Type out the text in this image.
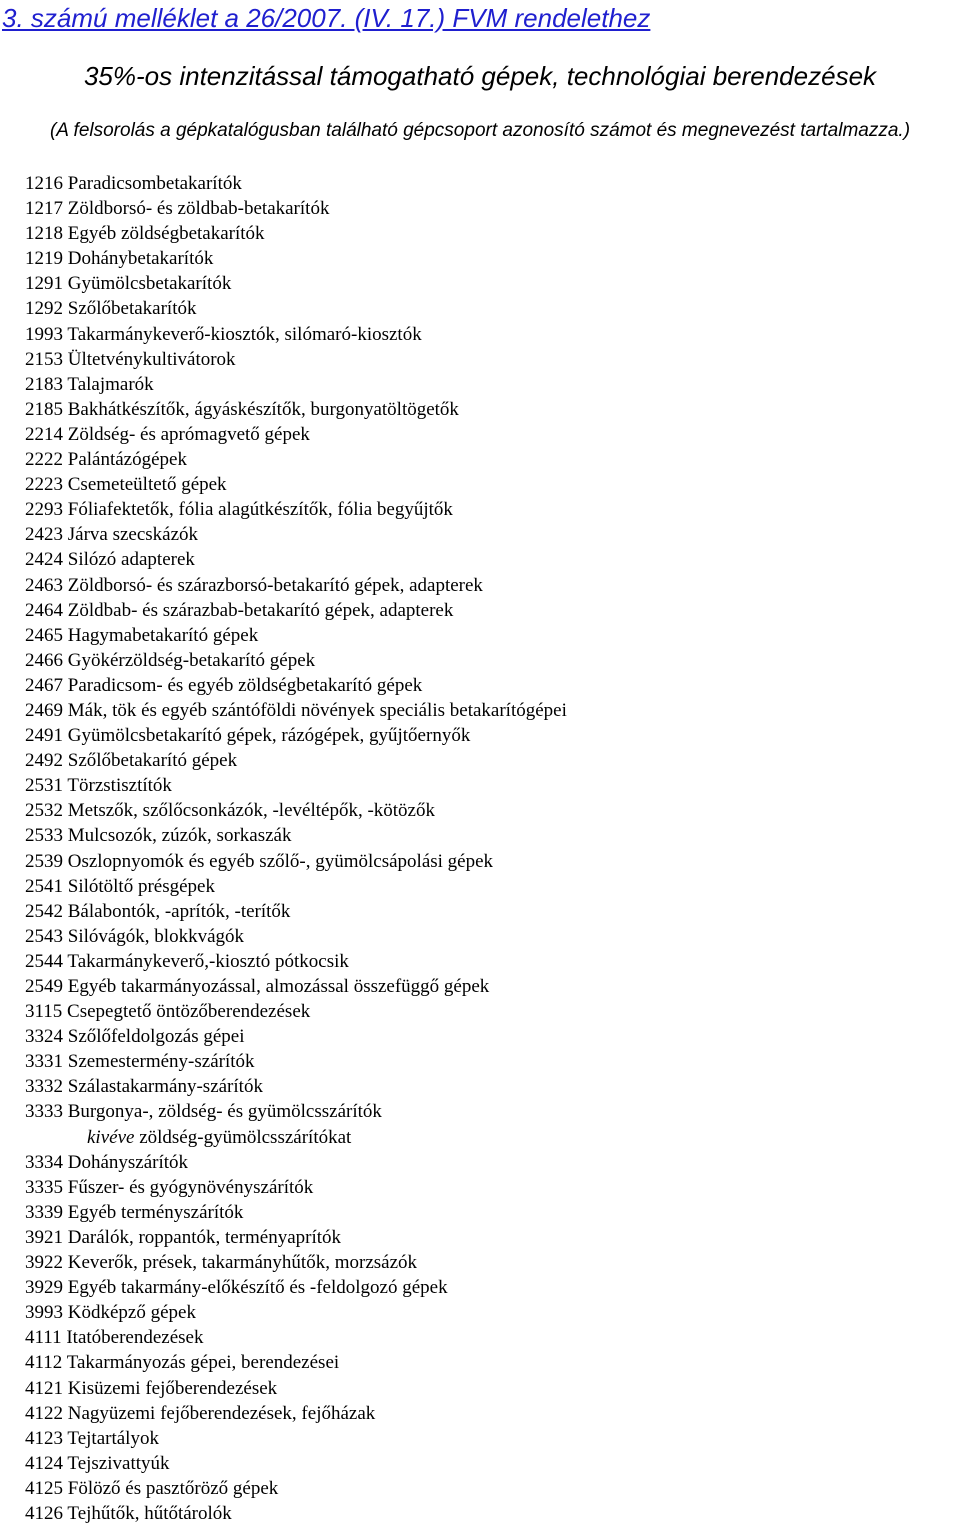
3. számú melléklet a 26/2007. (IV. 17.) FVM rendelethez
35%-os intenzitással támogatható gépek, technológiai berendezések
(A felsorolás a gépkatalógusban található gépcsoport azonosító számot és megnevezést tartalmazza.)
1216 Paradicsombetakarítók
1217 Zöldborsó- és zöldbab-betakarítók
1218 Egyéb zöldségbetakarítók
1219 Dohánybetakarítók
1291 Gyümölcsbetakarítók
1292 Szőlőbetakarítók
1993 Takarmánykeverő-kiosztók, silómaró-kiosztók
2153 Ültetvénykultivátorok
2183 Talajmarók
2185 Bakhátkészítők, ágyáskészítők, burgonyatöltögetők
2214 Zöldség- és aprómagvető gépek
2222 Palántázógépek
2223 Csemeteültető gépek
2293 Fóliafektetők, fólia alagútkészítők, fólia begyűjtők
2423 Járva szecskázók
2424 Silózó adapterek
2463 Zöldborsó- és szárazborsó-betakarító gépek, adapterek
2464 Zöldbab- és szárazbab-betakarító gépek, adapterek
2465 Hagymabetakarító gépek
2466 Gyökérzöldség-betakarító gépek
2467 Paradicsom- és egyéb zöldségbetakarító gépek
2469 Mák, tök és egyéb szántóföldi növények speciális betakarítógépei
2491 Gyümölcsbetakarító gépek, rázógépek, gyűjtőernyők
2492 Szőlőbetakarító gépek
2531 Törzstisztítók
2532 Metszők, szőlőcsonkázók, -levéltépők, -kötözők
2533 Mulcsozók, zúzók, sorkaszák
2539 Oszlopnyomók és egyéb szőlő-, gyümölcsápolási gépek
2541 Silótöltő présgépek
2542 Bálabontók, -aprítók, -terítők
2543 Silóvágók, blokkvágók
2544 Takarmánykeverő,-kiosztó pótkocsik
2549 Egyéb takarmányozással, almozással összefüggő gépek
3115 Csepegtető öntözőberendezések
3324 Szőlőfeldolgozás gépei
3331 Szemestermény-szárítók
3332 Szálastakarmány-szárítók
3333 Burgonya-, zöldség- és gyümölcsszárítók
kivéve zöldség-gyümölcsszárítókat
3334 Dohányszárítók
3335 Fűszer- és gyógynövényszárítók
3339 Egyéb terményszárítók
3921 Darálók, roppantók, terményaprítók
3922 Keverők, prések, takarmányhűtők, morzsázók
3929 Egyéb takarmány-előkészítő és -feldolgozó gépek
3993 Ködképző gépek
4111 Itatóberendezések
4112 Takarmányozás gépei, berendezései
4121 Kisüzemi fejőberendezések
4122 Nagyüzemi fejőberendezések, fejőházak
4123 Tejtartályok
4124 Tejszivattyúk
4125 Fölöző és pasztőröző gépek
4126 Tejhűtők, hűtőtárolók
